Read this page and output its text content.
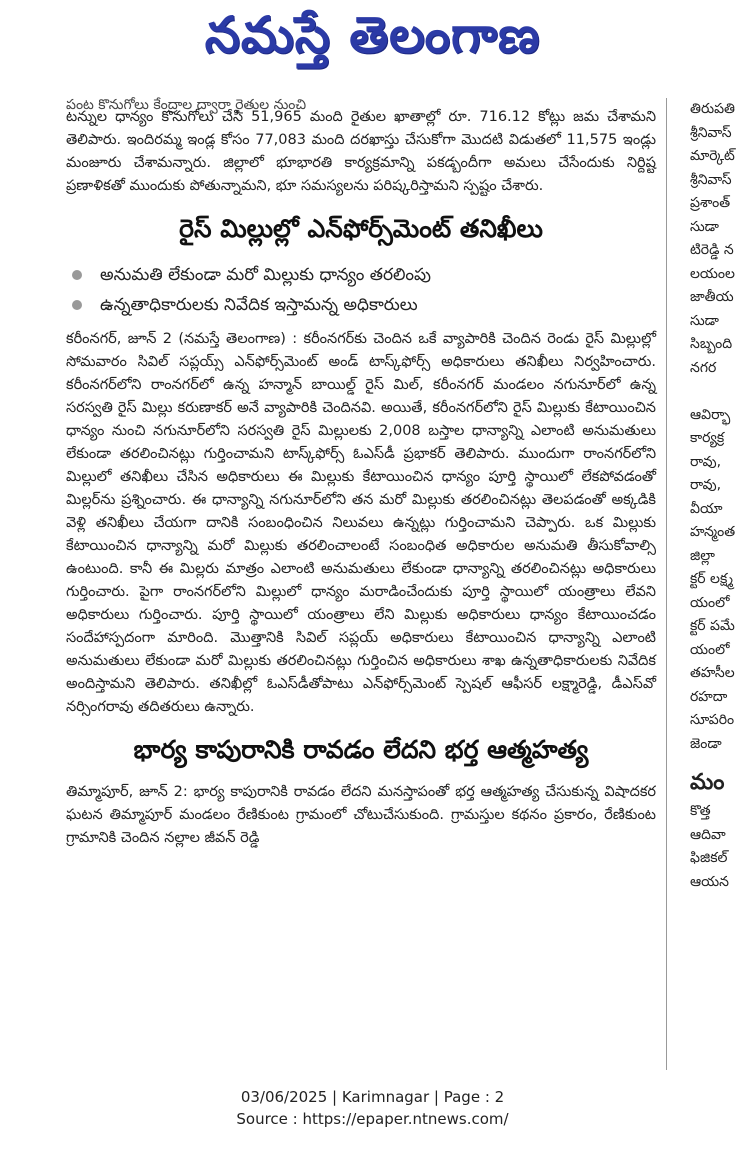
నమస్తే తెలంగాణ
పంట కొనుగోలు కేంద్రాల ద్వారా రైతుల నుంచి

టన్నుల ధాన్యం కొనుగోలు చేసి 51,965 మంది రైతుల ఖాతాల్లో రూ. 716.12 కోట్లు జమ చేశామని తెలిపారు. ఇందిరమ్మ ఇండ్ల కోసం 77,083 మంది దరఖాస్తు చేసుకోగా మొదటి విడుతలో 11,575 ఇండ్లు మంజూరు చేశామన్నారు. జిల్లాలో భూభారతి కార్యక్రమాన్ని పకడ్బందీగా అమలు చేసేందుకు నిర్దిష్ట ప్రణాళికతో ముందుకు పోతున్నామని, భూ సమస్యలను పరిష్కరిస్తామని స్పష్టం చేశారు.

రైస్ మిల్లుల్లో ఎన్‌ఫోర్స్‌మెంట్ తనిఖీలు
అనుమతి లేకుండా మరో మిల్లుకు ధాన్యం తరలింపు
ఉన్నతాధికారులకు నివేదిక ఇస్తామన్న అధికారులు

కరీంనగర్, జూన్ 2 (నమస్తే తెలంగాణ) : కరీంనగర్‌కు చెందిన ఒకే వ్యాపారికి చెందిన రెండు రైస్ మిల్లుల్లో సోమవారం సివిల్ సప్లయ్స్ ఎన్‌ఫోర్స్‌మెంట్ అండ్ టాస్క్‌ఫోర్స్ అధికారులు తనిఖీలు నిర్వహించారు. కరీంనగర్‌లోని రాంనగర్‌లో ఉన్న హన్మాన్ బాయిల్డ్ రైస్ మిల్, కరీంనగర్ మండలం నగునూర్‌లో ఉన్న సరస్వతి రైస్ మిల్లు కరుణాకర్ అనే వ్యాపారికి చెందినవి. అయితే, కరీంనగర్‌లోని రైస్ మిల్లుకు కేటాయించిన ధాన్యం నుంచి నగునూర్‌లోని సరస్వతి రైస్ మిల్లులకు 2,008 బస్తాల ధాన్యాన్ని ఎలాంటి అనుమతులు లేకుండా తరలించినట్లు గుర్తించామని టాస్క్‌ఫోర్స్ ఓఎస్‌డీ ప్రభాకర్ తెలిపారు. ముందుగా రాంనగర్‌లోని మిల్లులో తనిఖీలు చేసిన అధికారులు ఈ మిల్లుకు కేటాయించిన ధాన్యం పూర్తి స్థాయిలో లేకపోవడంతో మిల్లర్‌ను ప్రశ్నించారు. ఈ ధాన్యాన్ని నగునూర్‌లోని తన మరో మిల్లుకు తరలించినట్లు తెలపడంతో అక్కడికి వెళ్లి తనిఖీలు చేయగా దానికి సంబంధించిన నిలువలు ఉన్నట్లు గుర్తించామని చెప్పారు. ఒక మిల్లుకు కేటాయించిన ధాన్యాన్ని మరో మిల్లుకు తరలించాలంటే సంబంధిత అధికారుల అనుమతి తీసుకోవాల్సి ఉంటుంది. కానీ ఈ మిల్లరు మాత్రం ఎలాంటి అనుమతులు లేకుండా ధాన్యాన్ని తరలించినట్లు అధికారులు గుర్తించారు. పైగా రాంనగర్‌లోని మిల్లులో ధాన్యం మరాడించేందుకు పూర్తి స్థాయిలో యంత్రాలు లేవని అధికారులు గుర్తించారు. పూర్తి స్థాయిలో యంత్రాలు లేని మిల్లుకు అధికారులు ధాన్యం కేటాయించడం సందేహాస్పదంగా మారింది. మొత్తానికి సివిల్ సప్లయ్ అధికారులు కేటాయించిన ధాన్యాన్ని ఎలాంటి అనుమతులు లేకుండా మరో మిల్లుకు తరలించినట్లు గుర్తించిన అధికారులు శాఖ ఉన్నతాధికారులకు నివేదిక అందిస్తామని తెలిపారు. తనిఖీల్లో ఓఎస్‌డీతోపాటు ఎన్‌ఫోర్స్‌మెంట్ స్పెషల్ ఆఫీసర్ లక్ష్మారెడ్డి, డీఎస్‌వో నర్సింగరావు తదితరులు ఉన్నారు.

భార్య కాపురానికి రావడం లేదని భర్త ఆత్మహత్య

తిమ్మాపూర్, జూన్ 2: భార్య కాపురానికి రావడం లేదని మనస్తాపంతో భర్త ఆత్మహత్య చేసుకున్న విషాదకర ఘటన తిమ్మాపూర్ మండలం రేణికుంట గ్రామంలో చోటుచేసుకుంది. గ్రామస్తుల కథనం ప్రకారం, రేణికుంట గ్రామానికి చెందిన నల్లాల జీవన్ రెడ్డి

తిరుపతి
శ్రీనివాస్
మార్కెట్
శ్రీనివాస్
ప్రశాంత్
సుడా
టిరెడ్డి న
లయంల
జాతీయ
సుడా
సిబ్బంది
నగర

ఆవిర్భా
కార్యక్ర
రావు,
రావు,
వీయా
హన్మంత
జిల్లా
క్టర్ లక్ష్మ
యంలో
క్టర్ పమే
యంలో
తహసీల
రహదా
సూపరిం
జెండా
మం
కొత్త
ఆదివా
ఫిజికల్
ఆయన
03/06/2025 | Karimnagar | Page : 2
Source : https://epaper.ntnews.com/
